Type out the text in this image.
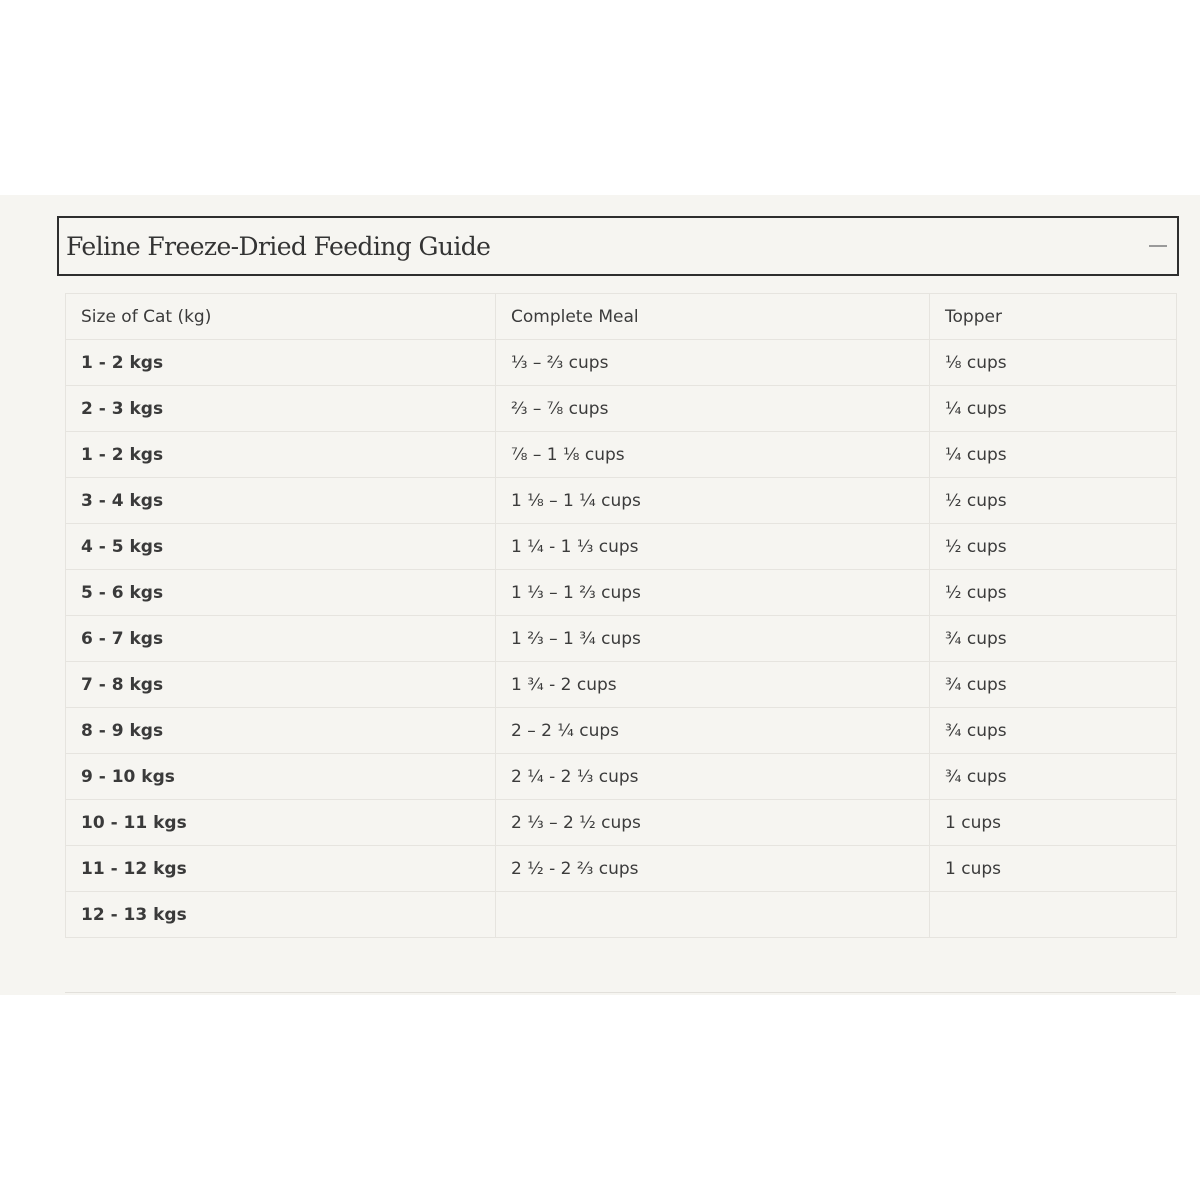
Feline Freeze-Dried Feeding Guide
Size of Cat (kg)	Complete Meal	Topper
1 - 2 kgs	⅓ – ⅔ cups	⅛ cups
2 - 3 kgs	⅔ – ⅞ cups	¼ cups
1 - 2 kgs	⅞ – 1 ⅛ cups	¼ cups
3 - 4 kgs	1 ⅛ – 1 ¼ cups	½ cups
4 - 5 kgs	1 ¼ - 1 ⅓ cups	½ cups
5 - 6 kgs	1 ⅓ – 1 ⅔ cups	½ cups
6 - 7 kgs	1 ⅔ – 1 ¾ cups	¾ cups
7 - 8 kgs	1 ¾ - 2 cups	¾ cups
8 - 9 kgs	2 – 2 ¼ cups	¾ cups
9 - 10 kgs	2 ¼ - 2 ⅓ cups	¾ cups
10 - 11 kgs	2 ⅓ – 2 ½ cups	1 cups
11 - 12 kgs	2 ½ - 2 ⅔ cups	1 cups
12 - 13 kgs		
